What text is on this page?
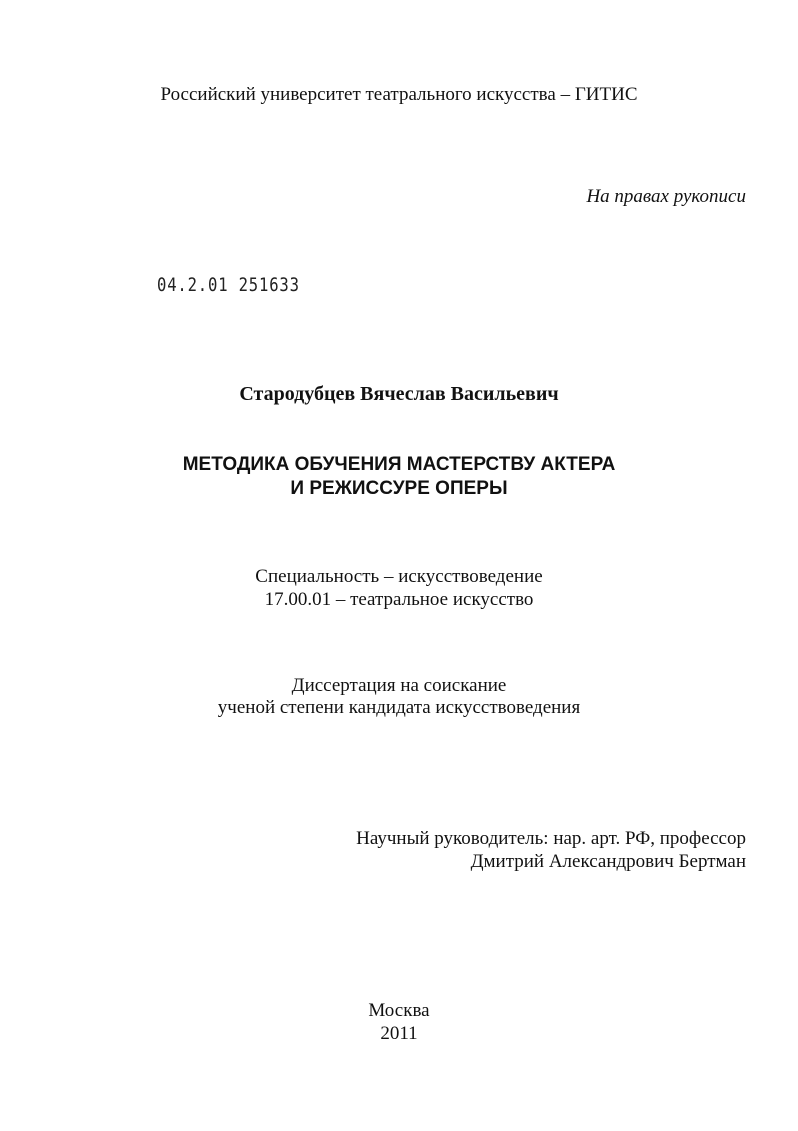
Российский университет театрального искусства – ГИТИС
На правах рукописи
04.2.01 251633
Стародубцев Вячеслав Васильевич
МЕТОДИКА ОБУЧЕНИЯ МАСТЕРСТВУ АКТЕРА
И РЕЖИССУРЕ ОПЕРЫ
Специальность – искусствоведение
17.00.01 – театральное искусство
Диссертация на соискание
ученой степени кандидата искусствоведения
Научный руководитель: нар. арт. РФ, профессор
Дмитрий Александрович Бертман
Москва
2011
